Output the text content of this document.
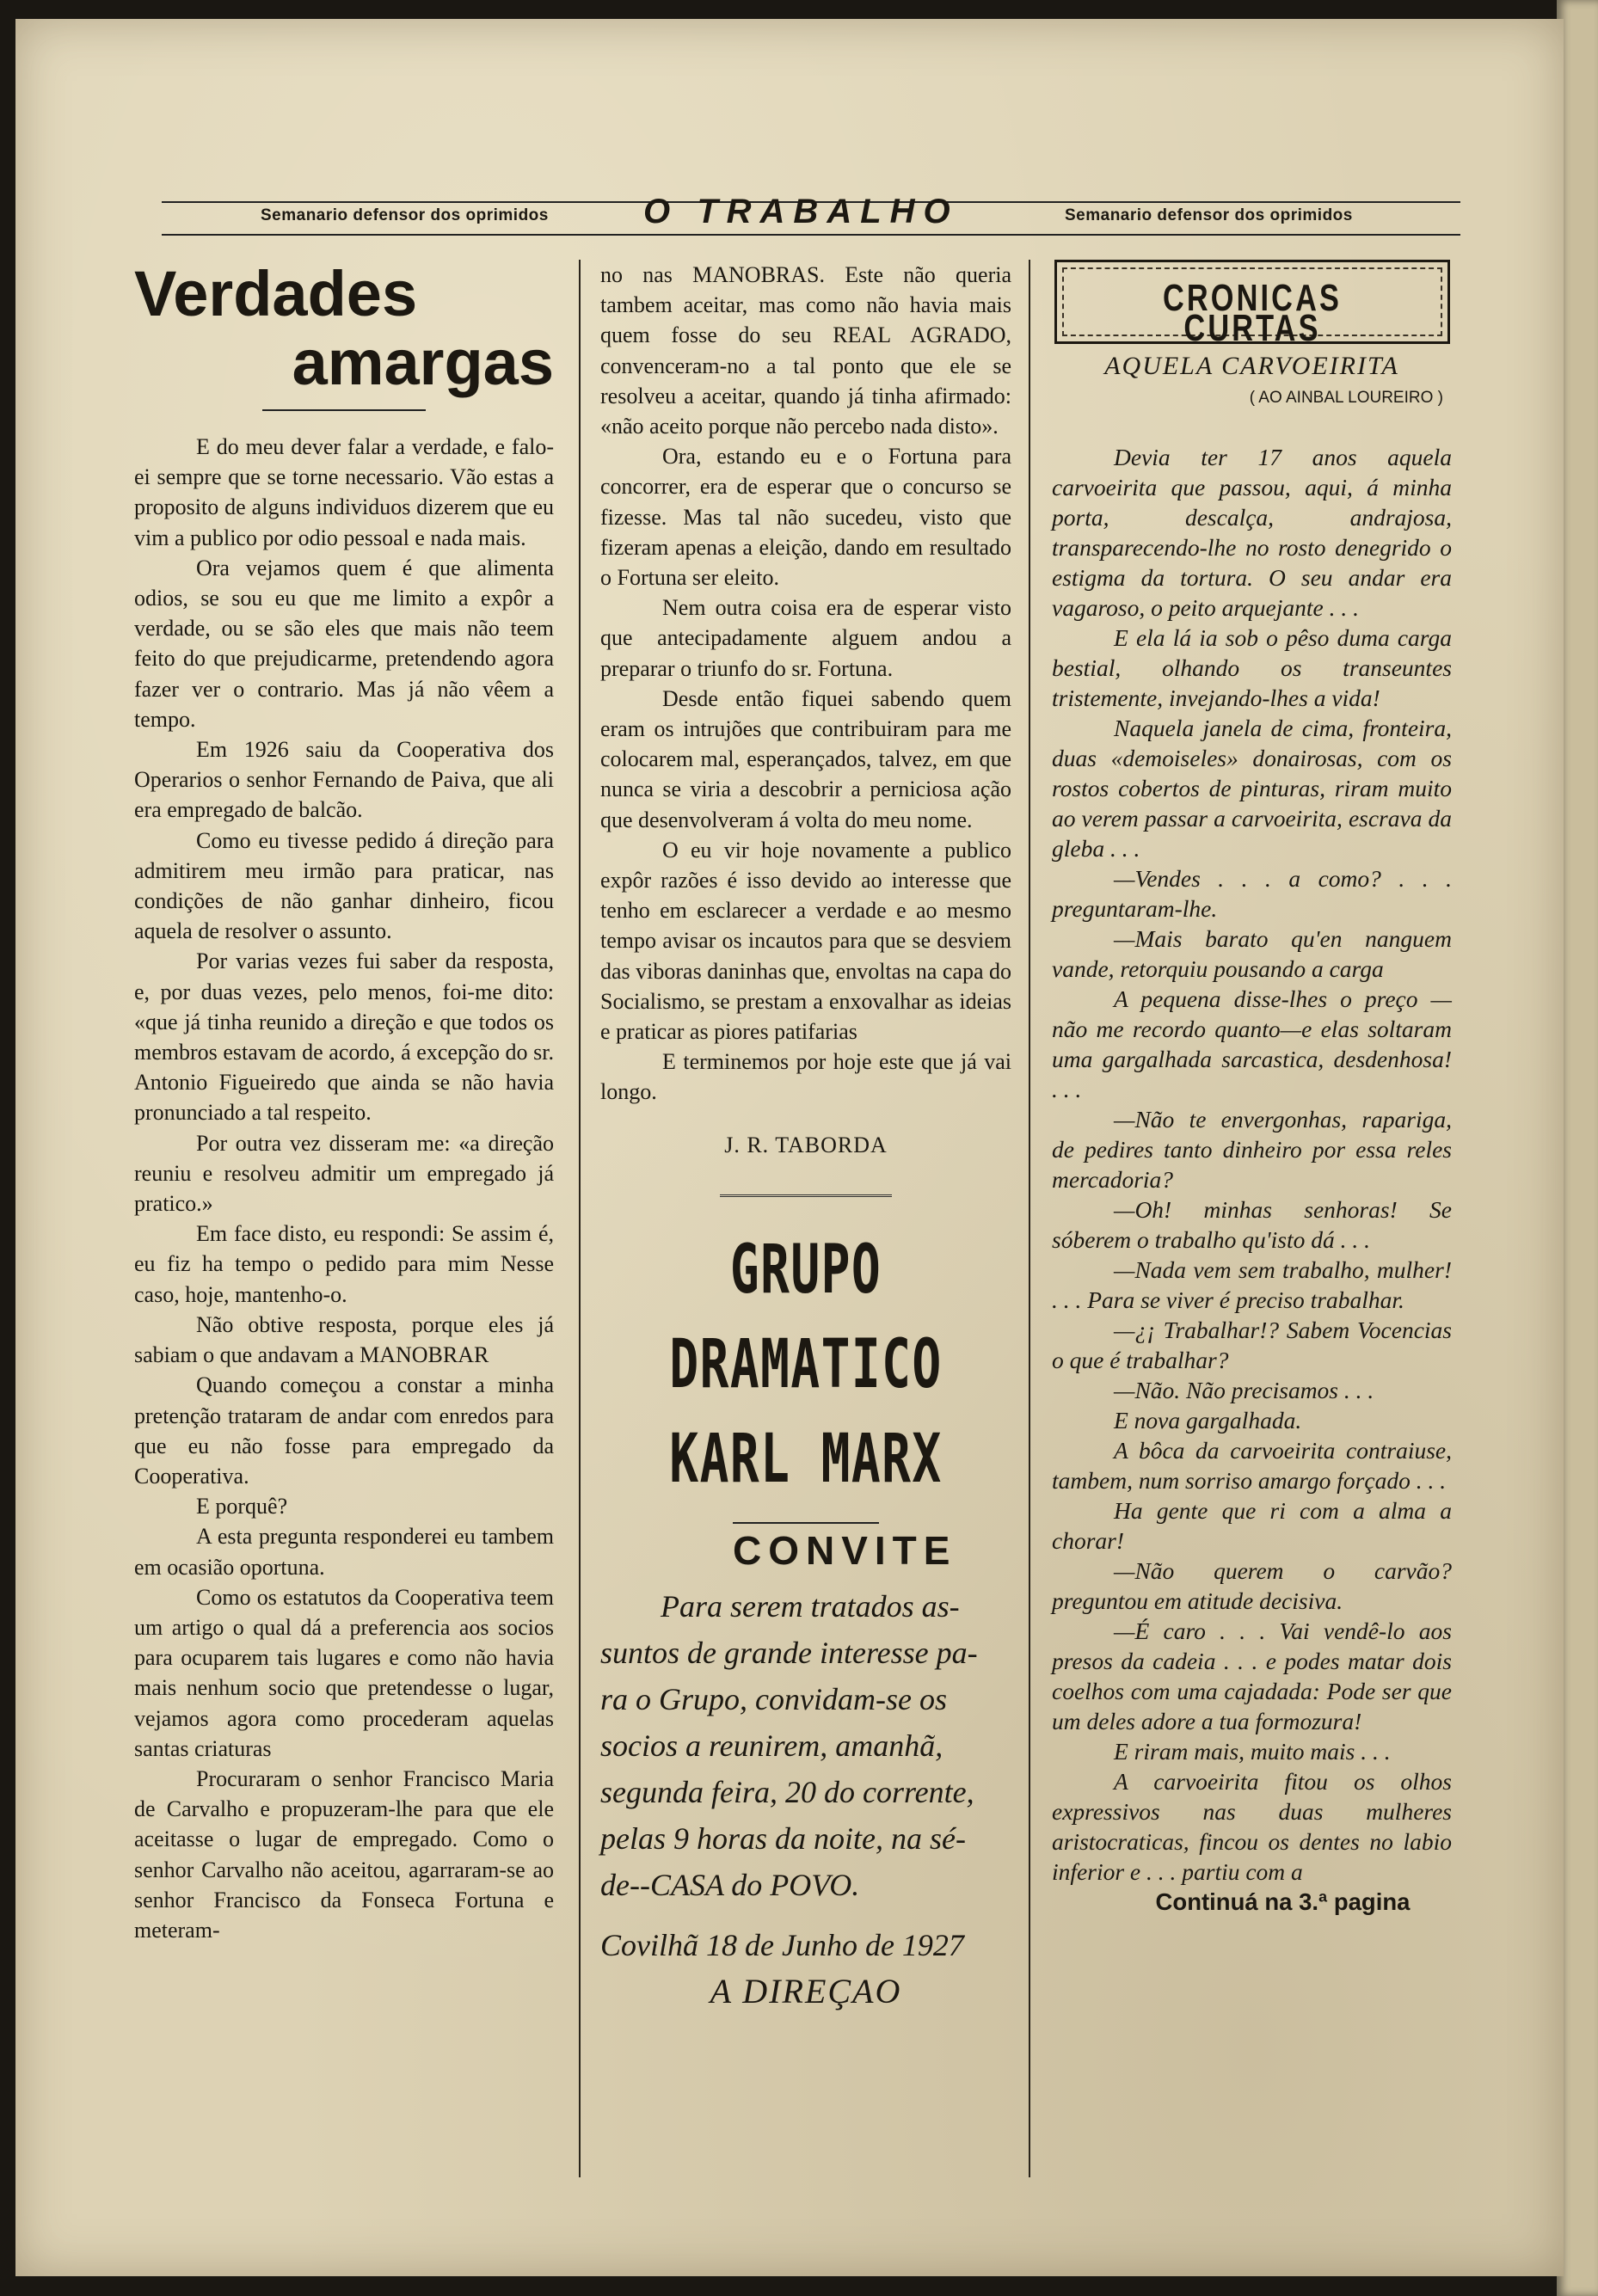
Semanario defensor dos oprimidos	O TRABALHO	Semanario defensor dos oprimidos
Verdades
amargas

E do meu dever falar a verdade, e falo-ei sempre que se torne necessario. Vão estas a proposito de alguns individuos dizerem que eu vim a publico por odio pessoal e nada mais.

Ora vejamos quem é que alimenta odios, se sou eu que me limito a expôr a verdade, ou se são eles que mais não teem feito do que prejudicarme, pretendendo agora fazer ver o contrario. Mas já não vêem a tempo.

Em 1926 saiu da Cooperativa dos Operarios o senhor Fernando de Paiva, que ali era empregado de balcão.

Como eu tivesse pedido á direção para admitirem meu irmão para praticar, nas condições de não ganhar dinheiro, ficou aquela de resolver o assunto.

Por varias vezes fui saber da resposta, e, por duas vezes, pelo menos, foi-me dito: «que já tinha reunido a direção e que todos os membros estavam de acordo, á excepção do sr. Antonio Figueiredo que ainda se não havia pronunciado a tal respeito.

Por outra vez disseram me: «a direção reuniu e resolveu admitir um empregado já pratico.»

Em face disto, eu respondi: Se assim é, eu fiz ha tempo o pedido para mim Nesse caso, hoje, mantenho-o.

Não obtive resposta, porque eles já sabiam o que andavam a MANOBRAR

Quando começou a constar a minha pretenção trataram de andar com enredos para que eu não fosse para empregado da Cooperativa.

E porquê?

A esta pregunta responderei eu tambem em ocasião oportuna.

Como os estatutos da Cooperativa teem um artigo o qual dá a preferencia aos socios para ocuparem tais lugares e como não havia mais nenhum socio que pretendesse o lugar, vejamos agora como procederam aquelas santas criaturas

Procuraram o senhor Francisco Maria de Carvalho e propuzeram-lhe para que ele aceitasse o lugar de empregado. Como o senhor Carvalho não aceitou, agarraram-se ao senhor Francisco da Fonseca Fortuna e meteram-

no nas MANOBRAS. Este não queria tambem aceitar, mas como não havia mais quem fosse do seu REAL AGRADO, convenceram-no a tal ponto que ele se resolveu a aceitar, quando já tinha afirmado: «não aceito porque não percebo nada disto».

Ora, estando eu e o Fortuna para concorrer, era de esperar que o concurso se fizesse. Mas tal não sucedeu, visto que fizeram apenas a eleição, dando em resultado o Fortuna ser eleito.

Nem outra coisa era de esperar visto que antecipadamente alguem andou a preparar o triunfo do sr. Fortuna.

Desde então fiquei sabendo quem eram os intrujões que contribuiram para me colocarem mal, esperançados, talvez, em que nunca se viria a descobrir a perniciosa ação que desenvolveram á volta do meu nome.

O eu vir hoje novamente a publico expôr razões é isso devido ao interesse que tenho em esclarecer a verdade e ao mesmo tempo avisar os incautos para que se desviem das viboras daninhas que, envoltas na capa do Socialismo, se prestam a enxovalhar as ideias e praticar as piores patifarias

E terminemos por hoje este que já vai longo.

J. R. TABORDA
GRUPO DRAMATICO
KARL MARX
CONVITE
Para serem tratados as-
suntos de grande interesse pa-
ra o Grupo, convidam-se os
socios a reunirem, amanhã,
segunda feira, 20 do corrente,
pelas 9 horas da noite, na sé-
de--CASA do POVO.
Covilhã 18 de Junho de 1927
A DIREÇAO
CRONICAS CURTAS
AQUELA CARVOEIRITA
( AO AINBAL LOUREIRO )

Devia ter 17 anos aquela carvoeirita que passou, aqui, á minha porta, descalça, andrajosa, transparecendo-lhe no rosto denegrido o estigma da tortura. O seu andar era vagaroso, o peito arquejante . . .

E ela lá ia sob o pêso duma carga bestial, olhando os transeuntes tristemente, invejando-lhes a vida!

Naquela janela de cima, fronteira, duas «demoiseles» donairosas, com os rostos cobertos de pinturas, riram muito ao verem passar a carvoeirita, escrava da gleba . . .

—Vendes . . . a como? . . . preguntaram-lhe.

—Mais barato qu'en nanguem vande, retorquiu pousando a carga

A pequena disse-lhes o preço —não me recordo quanto—e elas soltaram uma gargalhada sarcastica, desdenhosa! . . .

—Não te envergonhas, rapariga, de pedires tanto dinheiro por essa reles mercadoria?

—Oh! minhas senhoras! Se sóberem o trabalho qu'isto dá . . .

—Nada vem sem trabalho, mulher! . . . Para se viver é preciso trabalhar.

—¿¡ Trabalhar!? Sabem Vocencias o que é trabalhar?

—Não. Não precisamos . . .

E nova gargalhada.

A bôca da carvoeirita contraiuse, tambem, num sorriso amargo forçado . . .

Ha gente que ri com a alma a chorar!

—Não querem o carvão? preguntou em atitude decisiva.

—É caro . . . Vai vendê-lo aos presos da cadeia . . . e podes matar dois coelhos com uma cajadada: Pode ser que um deles adore a tua formozura!

E riram mais, muito mais . . .

A carvoeirita fitou os olhos expressivos nas duas mulheres aristocraticas, fincou os dentes no labio inferior e . . . partiu com a

Continuá na 3.ª pagina
